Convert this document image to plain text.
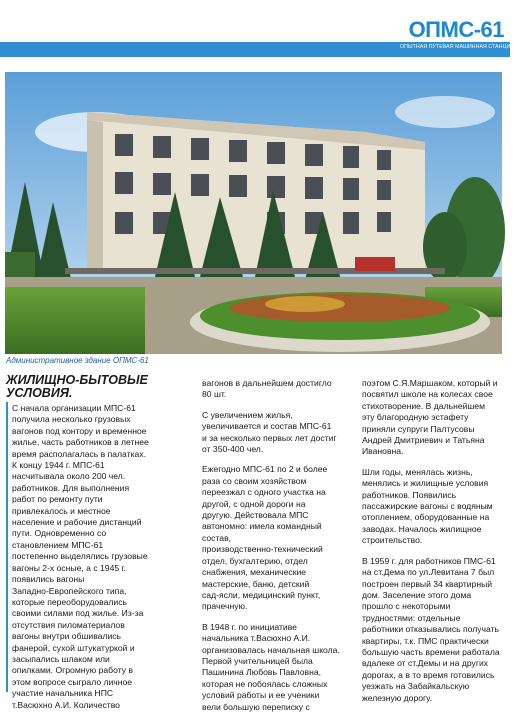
ОПМС-61
ОПЫТНАЯ ПУТЕВАЯ МАШИННАЯ СТАНЦИЯ № 61
Административное здание ОПМС-61
ЖИЛИЩНО-БЫТОВЫЕ
УСЛОВИЯ.
С начала организации МПС-61
получила несколько грузовых
вагонов под контору и временное
жилье, часть работников в летнее
время располагалась в палатках.
К концу 1944 г. МПС-61
насчитывала около 200 чел.
работников. Для выполнения
работ по ремонту пути
привлекалось и местное
население и рабочие дистанций
пути. Одновременно со
становлением МПС-61
постепенно выделялись грузовые
вагоны 2-х осные, а с 1945 г.
появились вагоны
Западно-Европейского типа,
которые переоборудовались
своими силами под жилье. Из-за
отсутствия пиломатериалов
вагоны внутри обшивались
фанерой, сухой штукатуркой и
засыпались шлаком или
опилками. Огромную работу в
этом вопросе сыграло личное
участие начальника НПС
т.Васюхно А.И. Количество
вагонов в дальнейшем достигло
80 шт.
С увеличением жилья,
увеличивается и состав МПС-61
и за несколько первых лет достиг
от 350-400 чел.
Ежегодно МПС-61 по 2 и более
раза со своим хозяйством
переезжал с одного участка на
другой, с одной дороги на
другую. Действовала МПС
автономно: имела командный
состав,
производственно-технический
отдел, бухгалтерию, отдел
снабжения, механические
мастерские, баню, детский
сад-ясли, медицинский пункт,
прачечную.
В 1948 г. по инициативе
начальника т.Васюхно А.И.
организовалась начальная школа.
Первой учительницей была
Пашинина Любовь Павловна,
которая не побоялась сложных
условий работы и ее ученики
вели большую переписку с
поэтом С.Я.Маршаком, который и
посвятил школе на колесах свое
стихотворение. В дальнейшем
эту благородную эстафету
приняли супруги Палтусовы
Андрей Дмитриевич и Татьяна
Ивановна.
Шли годы, менялась жизнь,
менялись и жилищные условия
работников. Появились
пассажирские вагоны с водяным
отоплением, оборудованные на
заводах. Началось жилищное
строительство.
В 1959 г. для работников ПМС-61
на ст.Дема по ул.Левитана 7 был
построен первый 34 квартирный
дом. Заселение этого дома
прошло с некоторыми
трудностями: отдельные
работники отказывались получать
квартиры, т.к. ПМС практически
большую часть времени работала
вдалеке от ст.Демы и на других
дорогах, а в то время готовились
уезжать на Забайкальскую
железную дорогу.
